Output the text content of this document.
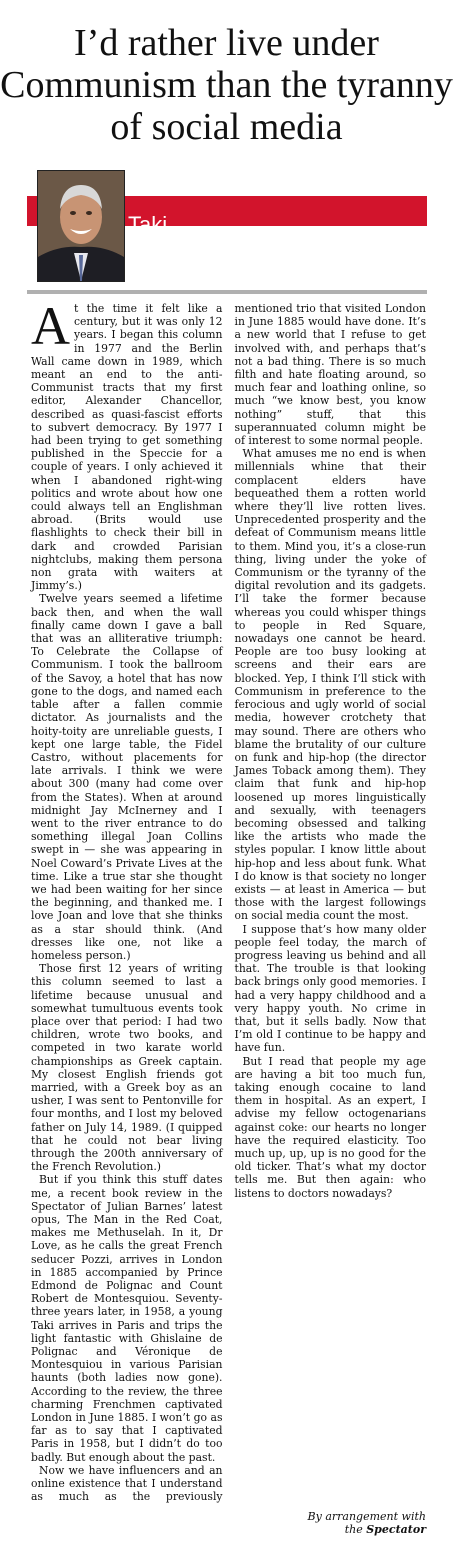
I’d rather live under Communism than the tyranny of social media
Taki

At the time it felt like a century, but it was only 12 years. I began this column in 1977 and the Berlin Wall came down in 1989, which meant an end to the anti-Communist tracts that my first editor, Alexander Chancellor, described as quasi-fascist efforts to subvert democracy. By 1977 I had been trying to get something published in the Speccie for a couple of years. I only achieved it when I abandoned right-wing politics and wrote about how one could always tell an Englishman abroad. (Brits would use flashlights to check their bill in dark and crowded Parisian nightclubs, making them persona non grata with waiters at Jimmy’s.)

Twelve years seemed a lifetime back then, and when the wall finally came down I gave a ball that was an alliterative triumph: To Celebrate the Collapse of Communism. I took the ballroom of the Savoy, a hotel that has now gone to the dogs, and named each table after a fallen commie dictator. As journalists and the hoity-toity are unreliable guests, I kept one large table, the Fidel Castro, without placements for late arrivals. I think we were about 300 (many had come over from the States). When at around midnight Jay McInerney and I went to the river entrance to do something illegal Joan Collins swept in — she was appearing in Noel Coward’s Private Lives at the time. Like a true star she thought we had been waiting for her since the beginning, and thanked me. I love Joan and love that she thinks as a star should think. (And dresses like one, not like a homeless person.)

Those first 12 years of writing this column seemed to last a lifetime because unusual and somewhat tumultuous events took place over that period: I had two children, wrote two books, and competed in two karate world championships as Greek captain. My closest English friends got married, with a Greek boy as an usher, I was sent to Pentonville for four months, and I lost my beloved father on July 14, 1989. (I quipped that he could not bear living through the 200th anniversary of the French Revolution.)

But if you think this stuff dates me, a recent book review in the Spectator of Julian Barnes’ latest opus, The Man in the Red Coat, makes me Methuselah. In it, Dr Love, as he calls the great French seducer Pozzi, arrives in London in 1885 accompanied by Prince Edmond de Polignac and Count Robert de Montesquiou. Seventy-three years later, in 1958, a young Taki arrives in Paris and trips the light fantastic with Ghislaine de Polignac and Véronique de Montesquiou in various Parisian haunts (both ladies now gone). According to the review, the three charming Frenchmen captivated London in June 1885. I won’t go as far as to say that I captivated Paris in 1958, but I didn’t do too badly. But enough about the past.

Now we have influencers and an online existence that I understand as much as the previously mentioned trio that visited London in June 1885 would have done. It’s a new world that I refuse to get involved with, and perhaps that’s not a bad thing. There is so much filth and hate floating around, so much fear and loathing online, so much “we know best, you know nothing” stuff, that this superannuated column might be of interest to some normal people.

What amuses me no end is when millennials whine that their complacent elders have bequeathed them a rotten world where they’ll live rotten lives. Unprecedented prosperity and the defeat of Communism means little to them. Mind you, it’s a close-run thing, living under the yoke of Communism or the tyranny of the digital revolution and its gadgets. I’ll take the former because whereas you could whisper things to people in Red Square, nowadays one cannot be heard. People are too busy looking at screens and their ears are blocked. Yep, I think I’ll stick with Communism in preference to the ferocious and ugly world of social media, however crotchety that may sound. There are others who blame the brutality of our culture on funk and hip-hop (the director James Toback among them). They claim that funk and hip-hop loosened up mores linguistically and sexually, with teenagers becoming obsessed and talking like the artists who made the styles popular. I know little about hip-hop and less about funk. What I do know is that society no longer exists — at least in America — but those with the largest followings on social media count the most.

I suppose that’s how many older people feel today, the march of progress leaving us behind and all that. The trouble is that looking back brings only good memories. I had a very happy childhood and a very happy youth. No crime in that, but it sells badly. Now that I’m old I continue to be happy and have fun.

But I read that people my age are having a bit too much fun, taking enough cocaine to land them in hospital. As an expert, I advise my fellow octogenarians against coke: our hearts no longer have the required elasticity. Too much up, up, up is no good for the old ticker. That’s what my doctor tells me. But then again: who listens to doctors nowadays?

By arrangement with
the Spectator
